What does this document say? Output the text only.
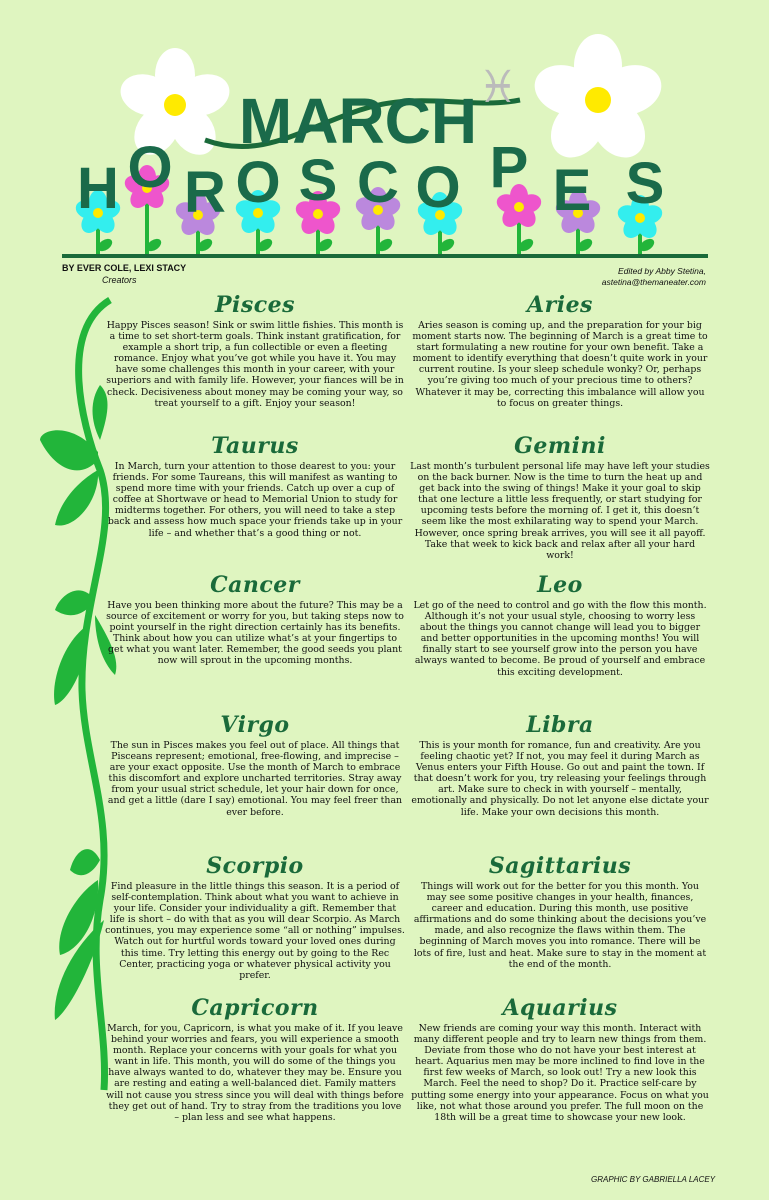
MARCH ♓
H O R O S C O P E S
BY EVER COLE, LEXI STACY
Creators
Edited by Abby Stetina,
astetina@themaneater.com
Pisces

Happy Pisces season! Sink or swim little fishies. This month is a time to set short-term goals. Think instant gratification, for example a short trip, a fun collectible or even a fleeting romance. Enjoy what you’ve got while you have it. You may have some challenges this month in your career, with your superiors and with family life. However, your fiances will be in check. Decisiveness about money may be coming your way, so treat yourself to a gift. Enjoy your season!

Aries

Aries season is coming up, and the preparation for your big moment starts now. The beginning of March is a great time to start formulating a new routine for your own benefit. Take a moment to identify everything that doesn’t quite work in your current routine. Is your sleep schedule wonky? Or, perhaps you’re giving too much of your precious time to others? Whatever it may be, correcting this imbalance will allow you to focus on greater things.

Taurus

In March, turn your attention to those dearest to you: your friends. For some Taureans, this will manifest as wanting to spend more time with your friends. Catch up over a cup of coffee at Shortwave or head to Memorial Union to study for midterms together. For others, you will need to take a step back and assess how much space your friends take up in your life – and whether that’s a good thing or not.

Gemini

Last month’s turbulent personal life may have left your studies on the back burner. Now is the time to turn the heat up and get back into the swing of things! Make it your goal to skip that one lecture a little less frequently, or start studying for upcoming tests before the morning of. I get it, this doesn’t seem like the most exhilarating way to spend your March. However, once spring break arrives, you will see it all payoff. Take that week to kick back and relax after all your hard work!

Cancer

Have you been thinking more about the future? This may be a source of excitement or worry for you, but taking steps now to point yourself in the right direction certainly has its benefits. Think about how you can utilize what’s at your fingertips to get what you want later. Remember, the good seeds you plant now will sprout in the upcoming months.

Leo

Let go of the need to control and go with the flow this month. Although it’s not your usual style, choosing to worry less about the things you cannot change will lead you to bigger and better opportunities in the upcoming months! You will finally start to see yourself grow into the person you have always wanted to become. Be proud of yourself and embrace this exciting development.

Virgo

The sun in Pisces makes you feel out of place. All things that Pisceans represent; emotional, free-flowing, and imprecise – are your exact opposite. Use the month of March to embrace this discomfort and explore uncharted territories. Stray away from your usual strict schedule, let your hair down for once, and get a little (dare I say) emotional. You may feel freer than ever before.

Libra

This is your month for romance, fun and creativity. Are you feeling chaotic yet? If not, you may feel it during March as Venus enters your Fifth House. Go out and paint the town. If that doesn’t work for you, try releasing your feelings through art. Make sure to check in with yourself – mentally, emotionally and physically. Do not let anyone else dictate your life. Make your own decisions this month.

Scorpio

Find pleasure in the little things this season. It is a period of self-contemplation. Think about what you want to achieve in your life. Consider your individuality a gift. Remember that life is short – do with that as you will dear Scorpio. As March continues, you may experience some “all or nothing” impulses. Watch out for hurtful words toward your loved ones during this time. Try letting this energy out by going to the Rec Center, practicing yoga or whatever physical activity you prefer.

Sagittarius

Things will work out for the better for you this month. You may see some positive changes in your health, finances, career and education. During this month, use positive affirmations and do some thinking about the decisions you’ve made, and also recognize the flaws within them. The beginning of March moves you into romance. There will be lots of fire, lust and heat. Make sure to stay in the moment at the end of the month.

Capricorn

March, for you, Capricorn, is what you make of it. If you leave behind your worries and fears, you will experience a smooth month. Replace your concerns with your goals for what you want in life. This month, you will do some of the things you have always wanted to do, whatever they may be. Ensure you are resting and eating a well-balanced diet. Family matters will not cause you stress since you will deal with things before they get out of hand. Try to stray from the traditions you love – plan less and see what happens.

Aquarius

New friends are coming your way this month. Interact with many different people and try to learn new things from them. Deviate from those who do not have your best interest at heart. Aquarius men may be more inclined to find love in the first few weeks of March, so look out! Try a new look this March. Feel the need to shop? Do it. Practice self-care by putting some energy into your appearance. Focus on what you like, not what those around you prefer. The full moon on the 18th will be a great time to showcase your new look.

GRAPHIC BY GABRIELLA LACEY
